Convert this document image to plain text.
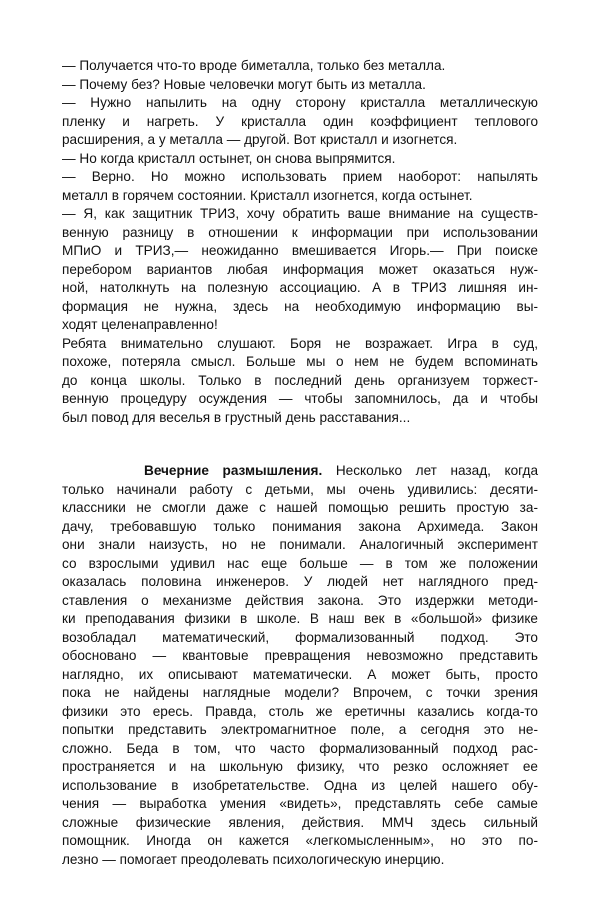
— Получается что-то вроде биметалла, только без металла.
— Почему без? Новые человечки могут быть из металла.
— Нужно напылить на одну сторону кристалла металлическую
пленку и нагреть. У кристалла один коэффициент теплового
расширения, а у металла — другой. Вот кристалл и изогнется.
— Но когда кристалл остынет, он снова выпрямится.
— Верно. Но можно использовать прием наоборот: напылять
металл в горячем состоянии. Кристалл изогнется, когда остынет.
— Я, как защитник ТРИЗ, хочу обратить ваше внимание на существ-
венную разницу в отношении к информации при использовании
МПиО и ТРИЗ,— неожиданно вмешивается Игорь.— При поиске
перебором вариантов любая информация может оказаться нуж-
ной, натолкнуть на полезную ассоциацию. А в ТРИЗ лишняя ин-
формация не нужна, здесь на необходимую информацию вы-
ходят целенаправленно!
Ребята внимательно слушают. Боря не возражает. Игра в суд,
похоже, потеряла смысл. Больше мы о нем не будем вспоминать
до конца школы. Только в последний день организуем торжест-
венную процедуру осуждения — чтобы запомнилось, да и чтобы
был повод для веселья в грустный день расставания...
Вечерние размышления. Несколько лет назад, когда
только начинали работу с детьми, мы очень удивились: десяти-
классники не смогли даже с нашей помощью решить простую за-
дачу, требовавшую только понимания закона Архимеда. Закон
они знали наизусть, но не понимали. Аналогичный эксперимент
со взрослыми удивил нас еще больше — в том же положении
оказалась половина инженеров. У людей нет наглядного пред-
ставления о механизме действия закона. Это издержки методи-
ки преподавания физики в школе. В наш век в «большой» физике
возобладал математический, формализованный подход. Это
обосновано — квантовые превращения невозможно представить
наглядно, их описывают математически. А может быть, просто
пока не найдены наглядные модели? Впрочем, с точки зрения
физики это ересь. Правда, столь же еретичны казались когда-то
попытки представить электромагнитное поле, а сегодня это не-
сложно. Беда в том, что часто формализованный подход рас-
пространяется и на школьную физику, что резко осложняет ее
использование в изобретательстве. Одна из целей нашего обу-
чения — выработка умения «видеть», представлять себе самые
сложные физические явления, действия. ММЧ здесь сильный
помощник. Иногда он кажется «легкомысленным», но это по-
лезно — помогает преодолевать психологическую инерцию.
